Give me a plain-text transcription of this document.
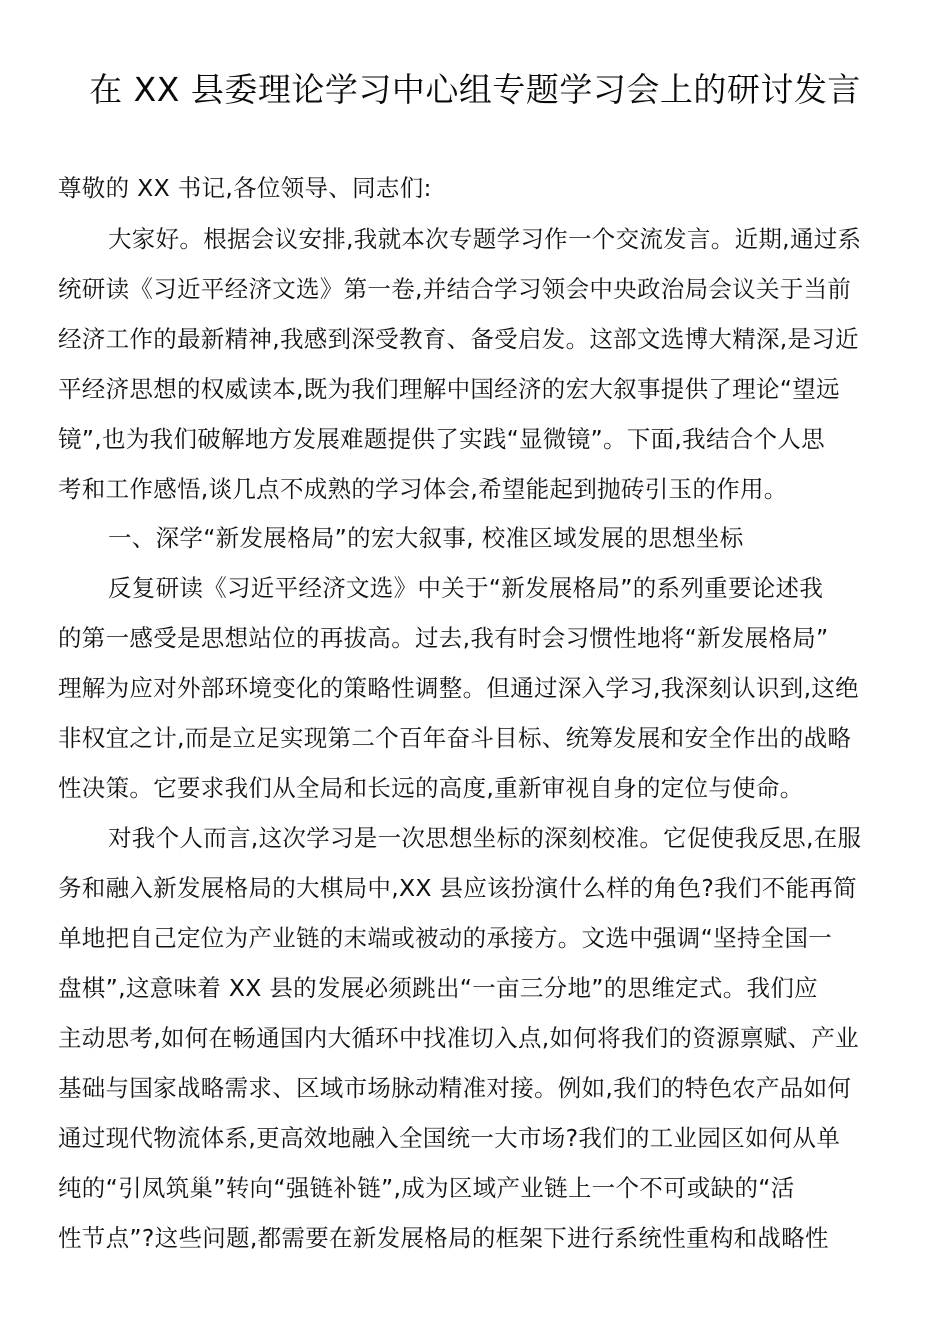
在 XX 县委理论学习中心组专题学习会上的研讨发言
尊敬的 XX 书记,各位领导、同志们:
大家好。根据会议安排,我就本次专题学习作一个交流发言。近期,通过系
统研读《习近平经济文选》第一卷,并结合学习领会中央政治局会议关于当前
经济工作的最新精神,我感到深受教育、备受启发。这部文选博大精深,是习近
平经济思想的权威读本,既为我们理解中国经济的宏大叙事提供了理论“望远
镜”,也为我们破解地方发展难题提供了实践“显微镜”。下面,我结合个人思
考和工作感悟,谈几点不成熟的学习体会,希望能起到抛砖引玉的作用。
一、深学“新发展格局”的宏大叙事, 校准区域发展的思想坐标
反复研读《习近平经济文选》中关于“新发展格局”的系列重要论述我
的第一感受是思想站位的再拔高。过去,我有时会习惯性地将“新发展格局”
理解为应对外部环境变化的策略性调整。但通过深入学习,我深刻认识到,这绝
非权宜之计,而是立足实现第二个百年奋斗目标、统筹发展和安全作出的战略
性决策。它要求我们从全局和长远的高度,重新审视自身的定位与使命。
对我个人而言,这次学习是一次思想坐标的深刻校准。它促使我反思,在服
务和融入新发展格局的大棋局中,XX 县应该扮演什么样的角色?我们不能再简
单地把自己定位为产业链的末端或被动的承接方。文选中强调“坚持全国一
盘棋”,这意味着 XX 县的发展必须跳出“一亩三分地”的思维定式。我们应
主动思考,如何在畅通国内大循环中找准切入点,如何将我们的资源禀赋、产业
基础与国家战略需求、区域市场脉动精准对接。例如,我们的特色农产品如何
通过现代物流体系,更高效地融入全国统一大市场?我们的工业园区如何从单
纯的“引凤筑巢”转向“强链补链”,成为区域产业链上一个不可或缺的“活
性节点”?这些问题,都需要在新发展格局的框架下进行系统性重构和战略性
